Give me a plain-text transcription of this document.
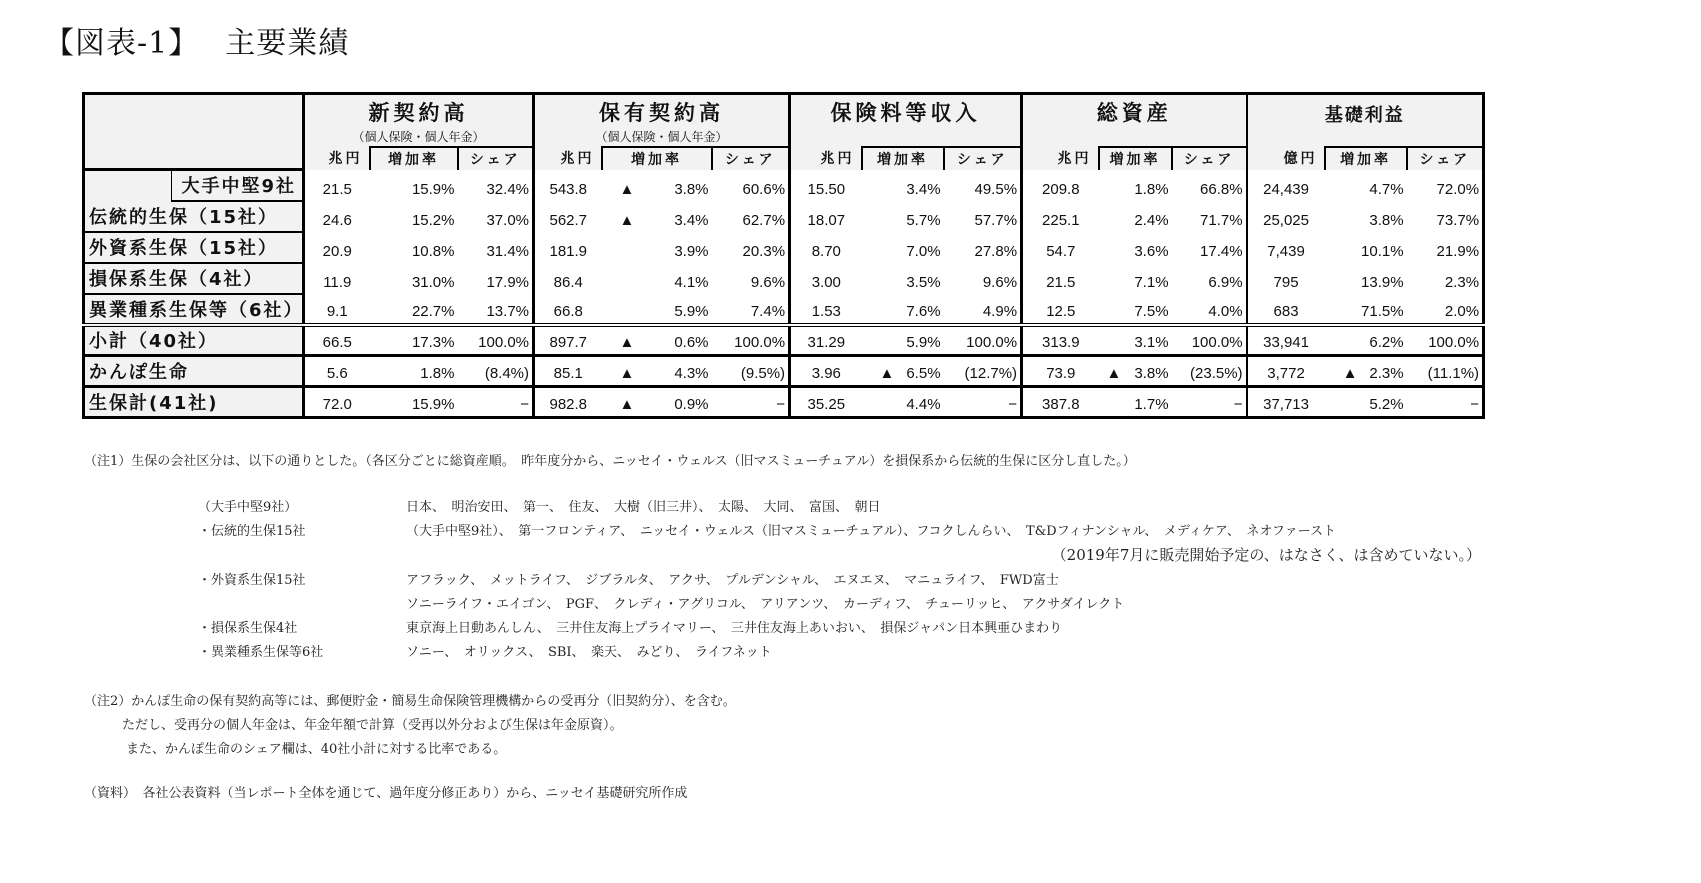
【図表-1】 主要業績
		新契約高			保有契約高			保険料等収入			総資産			基礎利益		
		（個人保険・個人年金）			（個人保険・個人年金）											
		兆円	増加率	シェア	兆円	増加率	シェア	兆円	増加率	シェア	兆円	増加率	シェア	億円	増加率	シェア
	大手中堅9社	21.5	15.9%	32.4%	543.8	▲ 3.8%	60.6%	15.50	3.4%	49.5%	209.8	1.8%	66.8%	24,439	4.7%	72.0%
伝統的生保（15社）		24.6	15.2%	37.0%	562.7	▲ 3.4%	62.7%	18.07	5.7%	57.7%	225.1	2.4%	71.7%	25,025	3.8%	73.7%
外資系生保（15社）		20.9	10.8%	31.4%	181.9	3.9%	20.3%	8.70	7.0%	27.8%	54.7	3.6%	17.4%	7,439	10.1%	21.9%
損保系生保（4社）		11.9	31.0%	17.9%	86.4	4.1%	9.6%	3.00	3.5%	9.6%	21.5	7.1%	6.9%	795	13.9%	2.3%
異業種系生保等（6社）		9.1	22.7%	13.7%	66.8	5.9%	7.4%	1.53	7.6%	4.9%	12.5	7.5%	4.0%	683	71.5%	2.0%
小計（40社）		66.5	17.3%	100.0%	897.7	▲ 0.6%	100.0%	31.29	5.9%	100.0%	313.9	3.1%	100.0%	33,941	6.2%	100.0%
かんぽ生命		5.6	1.8%	(8.4%)	85.1	▲ 4.3%	(9.5%)	3.96	▲ 6.5%	(12.7%)	73.9	▲ 3.8%	(23.5%)	3,772	▲ 2.3%	(11.1%)
生保計(41社)		72.0	15.9%	−	982.8	▲ 0.9%	−	35.25	4.4%	−	387.8	1.7%	−	37,713	5.2%	−
（注1）生保の会社区分は、以下の通りとした。（各区分ごとに総資産順。　昨年度分から、ニッセイ・ウェルス（旧マスミューチュアル）を損保系から伝統的生保に区分し直した。）
（大手中堅9社）	日本、　明治安田、　第一、　住友、　大樹（旧三井）、　太陽、　大同、　富国、　朝日
・伝統的生保15社	（大手中堅9社）、　第一フロンティア、　ニッセイ・ウェルス（旧マスミューチュアル）、フコクしんらい、　T&Dフィナンシャル、　メディケア、　ネオファースト
（2019年7月に販売開始予定の、はなさく、は含めていない。）
・外資系生保15社	アフラック、　メットライフ、　ジブラルタ、　アクサ、　プルデンシャル、　エヌエヌ、　マニュライフ、　FWD富士
ソニーライフ・エイゴン、　PGF、　クレディ・アグリコル、　アリアンツ、　カーディフ、　チューリッヒ、　アクサダイレクト
・損保系生保4社	東京海上日動あんしん、　三井住友海上プライマリー、　三井住友海上あいおい、　損保ジャパン日本興亜ひまわり
・異業種系生保等6社	ソニー、　オリックス、　SBI、　楽天、　みどり、　ライフネット
（注2）かんぽ生命の保有契約高等には、郵便貯金・簡易生命保険管理機構からの受再分（旧契約分）、を含む。
ただし、受再分の個人年金は、年金年額で計算（受再以外分および生保は年金原資）。
また、かんぽ生命のシェア欄は、40社小計に対する比率である。
（資料）　各社公表資料（当レポート全体を通じて、過年度分修正あり）から、ニッセイ基礎研究所作成
